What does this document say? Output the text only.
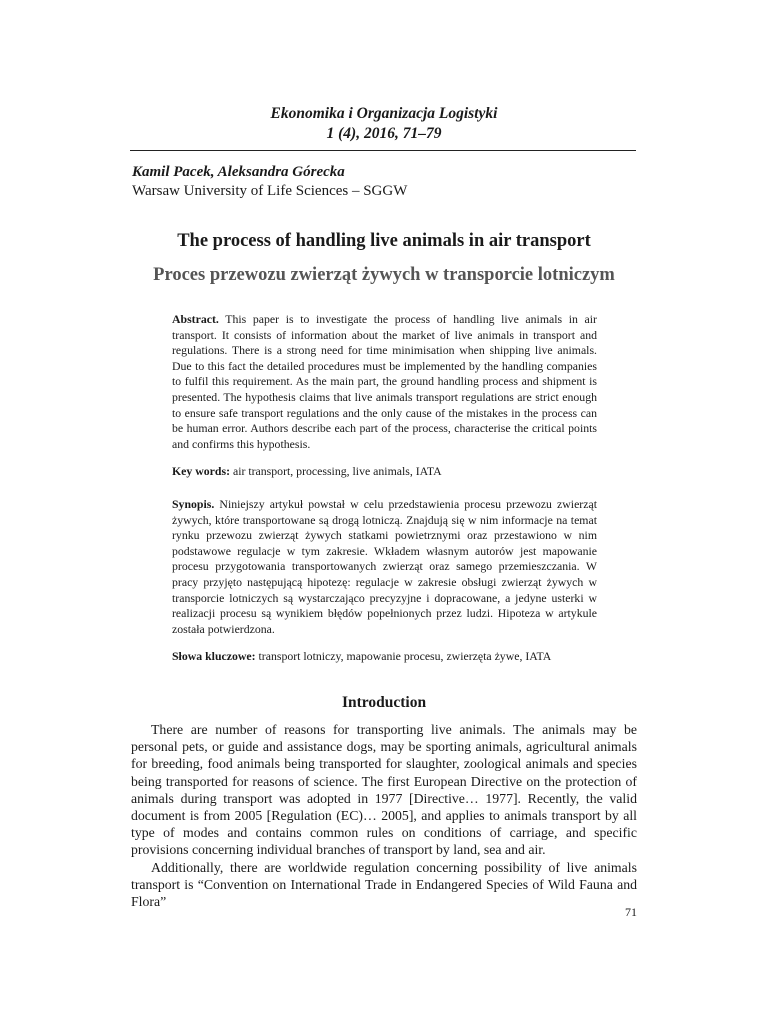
Ekonomika i Organizacja Logistyki
1 (4), 2016, 71–79
Kamil Pacek, Aleksandra Górecka
Warsaw University of Life Sciences – SGGW
The process of handling live animals in air transport
Proces przewozu zwierząt żywych w transporcie lotniczym
Abstract. This paper is to investigate the process of handling live animals in air transport. It consists of information about the market of live animals in transport and regulations. There is a strong need for time minimisation when shipping live animals. Due to this fact the detailed procedures must be implemented by the handling companies to fulfil this requirement. As the main part, the ground handling process and shipment is presented. The hypothesis claims that live animals transport regulations are strict enough to ensure safe transport regulations and the only cause of the mistakes in the process can be human error. Authors describe each part of the process, characterise the critical points and confirms this hypothesis.
Key words: air transport, processing, live animals, IATA
Synopis. Niniejszy artykuł powstał w celu przedstawienia procesu przewozu zwierząt żywych, które transportowane są drogą lotniczą. Znajdują się w nim informacje na temat rynku przewozu zwierząt żywych statkami powietrznymi oraz przestawiono w nim podstawowe regulacje w tym zakresie. Wkładem własnym autorów jest mapowanie procesu przygotowania transportowanych zwierząt oraz samego przemieszczania. W pracy przyjęto następującą hipotezę: regulacje w zakresie obsługi zwierząt żywych w transporcie lotniczych są wystarczająco precyzyjne i dopracowane, a jedyne usterki w realizacji procesu są wynikiem błędów popełnionych przez ludzi. Hipoteza w artykule została potwierdzona.
Słowa kluczowe: transport lotniczy, mapowanie procesu, zwierzęta żywe, IATA
Introduction

There are number of reasons for transporting live animals. The animals may be personal pets, or guide and assistance dogs, may be sporting animals, agricultural animals for breeding, food animals being transported for slaughter, zoological animals and species being transported for reasons of science. The first European Directive on the protection of animals during transport was adopted in 1977 [Directive… 1977]. Recently, the valid document is from 2005 [Regulation (EC)… 2005], and applies to animals transport by all type of modes and contains common rules on conditions of carriage, and specific provisions concerning individual branches of transport by land, sea and air.

Additionally, there are worldwide regulation concerning possibility of live animals transport is “Convention on International Trade in Endangered Species of Wild Fauna and Flora”

71
